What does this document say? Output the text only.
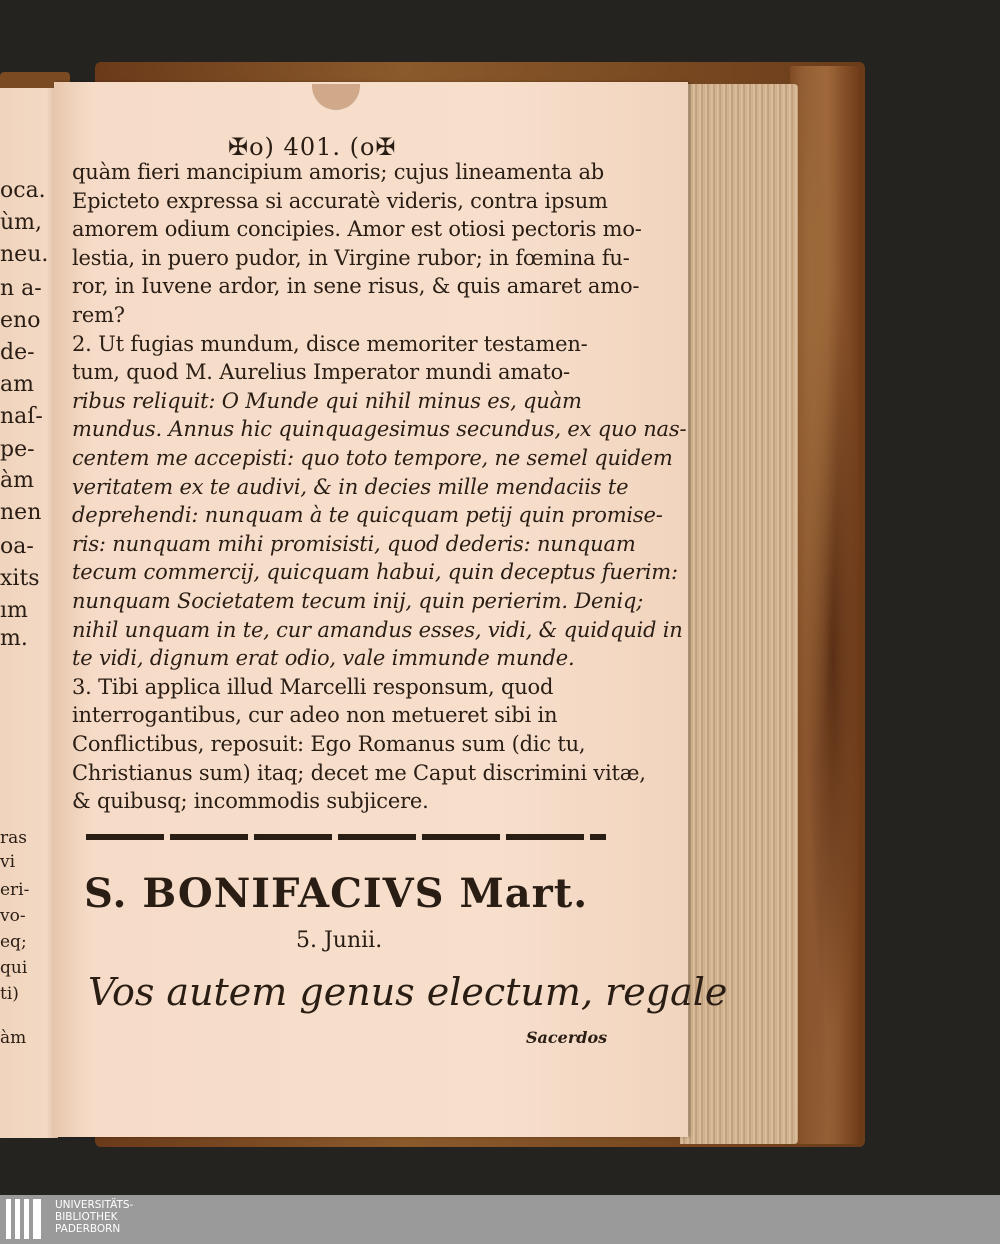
oca.
ùm,
neu.
n a-
eno
de-
am
naſ-
pe-
àm
nen
oa-
xits
ım
m.
ras
vi
eri-
vo-
eq;
qui
ti)
àm
✠o) 401. (o✠
quàm fieri mancipium amoris; cujus lineamenta ab
Epicteto expressa si accuratè videris, contra ipsum
amorem odium concipies. Amor est otiosi pectoris mo-
lestia, in puero pudor, in Virgine rubor; in fœmina fu-
ror, in Iuvene ardor, in sene risus, & quis amaret amo-
rem?
2. Ut fugias mundum, disce memoriter testamen-
tum, quod M. Aurelius Imperator mundi amato-
ribus reliquit: O Munde qui nihil minus es, quàm
mundus. Annus hic quinquagesimus secundus, ex quo nas-
centem me accepisti: quo toto tempore, ne semel quidem
veritatem ex te audivi, & in decies mille mendaciis te
deprehendi: nunquam à te quicquam petij quin promise-
ris: nunquam mihi promisisti, quod dederis: nunquam
tecum commercij, quicquam habui, quin deceptus fuerim:
nunquam Societatem tecum inij, quin perierim. Deniq;
nihil unquam in te, cur amandus esses, vidi, & quidquid in
te vidi, dignum erat odio, vale immunde munde.
3. Tibi applica illud Marcelli responsum, quod
interrogantibus, cur adeo non metueret sibi in
Conflictibus, reposuit: Ego Romanus sum (dic tu,
Christianus sum) itaq; decet me Caput discrimini vitæ,
& quibusq; incommodis subjicere.
S. BONIFACIVS Mart.
5. Junii.
Vos autem genus electum, regale
Sacerdos
UNIVERSITÄTS-
BIBLIOTHEK
PADERBORN
